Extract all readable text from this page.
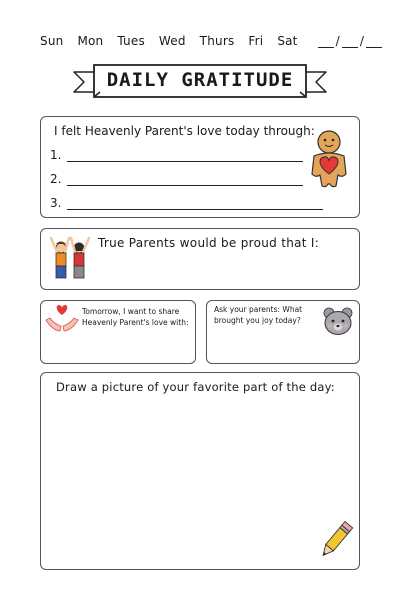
Sun Mon Tues Wed Thurs Fri Sat	/ /
DAILY GRATITUDE
I felt Heavenly Parent's love today through:
1.
2.
3.
True Parents would be proud that I:
Tomorrow, I want to share Heavenly Parent's love with:
Ask your parents: What brought you joy today?
Draw a picture of your favorite part of the day:
